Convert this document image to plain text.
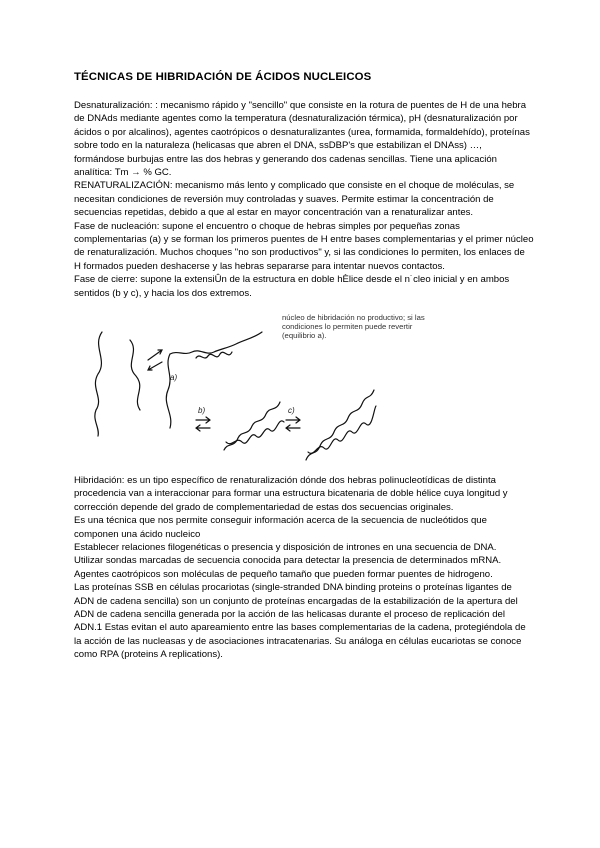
TÉCNICAS DE HIBRIDACIÓN DE ÁCIDOS NUCLEICOS

Desnaturalización: : mecanismo rápido y "sencillo" que consiste en la rotura de puentes de H de una hebra de DNAds mediante agentes como la temperatura (desnaturalización térmica), pH (desnaturalización por ácidos o por alcalinos), agentes caotrópicos o desnaturalizantes (urea, formamida, formaldehído), proteínas sobre todo en la naturaleza (helicasas que abren el DNA, ssDBP's que estabilizan el DNAss) …, formándose burbujas entre las dos hebras y generando dos cadenas sencillas. Tiene una aplicación analítica: Tm → % GC.

RENATURALIZACIÓN: mecanismo más lento y complicado que consiste en el choque de moléculas, se necesitan condiciones de reversión muy controladas y suaves. Permite estimar la concentración de secuencias repetidas, debido a que al estar en mayor concentración van a renaturalizar antes.

Fase de nucleación: supone el encuentro o choque de hebras simples por pequeñas zonas complementarias (a) y se forman los primeros puentes de H entre bases complementarias y el primer núcleo de renaturalización. Muchos choques "no son productivos" y, si las condiciones lo permiten, los enlaces de H formados pueden deshacerse y las hebras separarse para intentar nuevos contactos.

Fase de cierre: supone la extensiÛn de la estructura en doble hÈlice desde el n˙cleo inicial y en ambos sentidos (b y c), y hacia los dos extremos.

a)
b)	c)
núcleo de hibridación no productivo; si las condiciones lo permiten puede revertir (equilibrio a).

Hibridación: es un tipo específico de renaturalización dónde dos hebras polinucleotídicas de distinta procedencia van a interaccionar para formar una estructura bicatenaria de doble hélice cuya longitud y corrección depende del grado de complementariedad de estas dos secuencias originales.

Es una técnica que nos permite conseguir información acerca de la secuencia de nucleótidos que componen una ácido nucleico

Establecer relaciones filogenéticas o presencia y disposición de intrones en una secuencia de DNA.

Utilizar sondas marcadas de secuencia conocida para detectar la presencia de determinados mRNA.

Agentes caotrópicos son moléculas de pequeño tamaño que pueden formar puentes de hidrogeno.

Las proteínas SSB en células procariotas (single-stranded DNA binding proteins o proteínas ligantes de ADN de cadena sencilla) son un conjunto de proteínas encargadas de la estabilización de la apertura del ADN de cadena sencilla generada por la acción de las helicasas durante el proceso de replicación del ADN.1 Estas evitan el auto apareamiento entre las bases complementarias de la cadena, protegiéndola de la acción de las nucleasas y de asociaciones intracatenarias. Su análoga en células eucariotas se conoce como RPA (proteins A replications).
